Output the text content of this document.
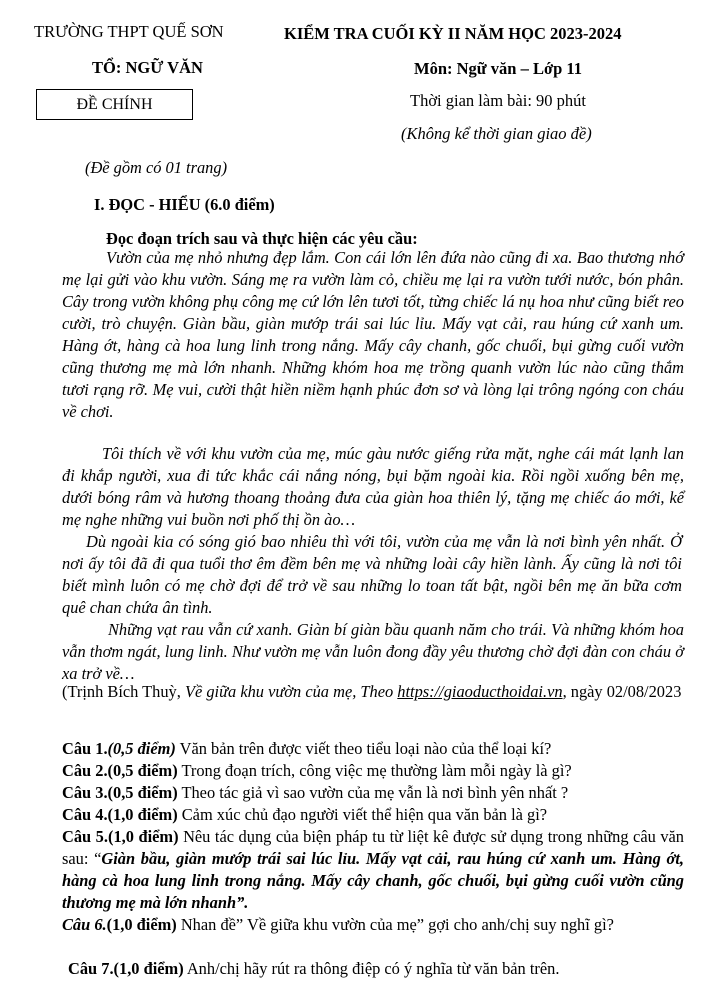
TRƯỜNG THPT QUẾ SƠN
TỔ: NGỮ VĂN
ĐỀ CHÍNH
KIỂM TRA CUỐI KỲ II NĂM HỌC 2023-2024
Môn: Ngữ văn – Lớp 11
Thời gian làm bài: 90 phút
(Không kể thời gian giao đề)
(Đề gồm có 01 trang)
I. ĐỌC - HIỂU (6.0 điểm)
Đọc đoạn trích sau và thực hiện các yêu cầu:
Vườn của mẹ nhỏ nhưng đẹp lắm. Con cái lớn lên đứa nào cũng đi xa. Bao thương nhớ mẹ lại gửi vào khu vườn. Sáng mẹ ra vườn làm cỏ, chiều mẹ lại ra vườn tưới nước, bón phân. Cây trong vườn không phụ công mẹ cứ lớn lên tươi tốt, từng chiếc lá nụ hoa như cũng biết reo cười, trò chuyện. Giàn bầu, giàn mướp trái sai lúc lỉu. Mấy vạt cải, rau húng cứ xanh um. Hàng ớt, hàng cà hoa lung linh trong nắng. Mấy cây chanh, gốc chuối, bụi gừng cuối vườn cũng thương mẹ mà lớn nhanh. Những khóm hoa mẹ trồng quanh vườn lúc nào cũng thắm tươi rạng rỡ. Mẹ vui, cười thật hiền niềm hạnh phúc đơn sơ và lòng lại trông ngóng con cháu về chơi.
Tôi thích về với khu vườn của mẹ, múc gàu nước giếng rửa mặt, nghe cái mát lạnh lan đi khắp người, xua đi tức khắc cái nắng nóng, bụi bặm ngoài kia. Rồi ngồi xuống bên mẹ, dưới bóng râm và hương thoang thoảng đưa của giàn hoa thiên lý, tặng mẹ chiếc áo mới, kể mẹ nghe những vui buồn nơi phố thị ồn ào…
Dù ngoài kia có sóng gió bao nhiêu thì với tôi, vườn của mẹ vẫn là nơi bình yên nhất. Ở nơi ấy tôi đã đi qua tuổi thơ êm đềm bên mẹ và những loài cây hiền lành. Ấy cũng là nơi tôi biết mình luôn có mẹ chờ đợi để trở về sau những lo toan tất bật, ngồi bên mẹ ăn bữa cơm quê chan chứa ân tình.
Những vạt rau vẫn cứ xanh. Giàn bí giàn bầu quanh năm cho trái. Và những khóm hoa vẫn thơm ngát, lung linh. Như vườn mẹ vẫn luôn đong đầy yêu thương chờ đợi đàn con cháu ở xa trở về…
(Trịnh Bích Thuỳ, Về giữa khu vườn của mẹ, Theo https://giaoducthoidai.vn, ngày 02/08/2023
Câu 1.(0,5 điểm) Văn bản trên được viết theo tiểu loại nào của thể loại kí?
Câu 2.(0,5 điểm) Trong đoạn trích, công việc mẹ thường làm mỗi ngày là gì?
Câu 3.(0,5 điểm) Theo tác giả vì sao vườn của mẹ vẫn là nơi bình yên nhất ?
Câu 4.(1,0 điểm) Cảm xúc chủ đạo người viết thể hiện qua văn bản là gì?
Câu 5.(1,0 điểm) Nêu tác dụng của biện pháp tu từ liệt kê được sử dụng trong những câu văn sau: “Giàn bầu, giàn mướp trái sai lúc lỉu. Mấy vạt cải, rau húng cứ xanh um. Hàng ớt, hàng cà hoa lung linh trong nắng. Mấy cây chanh, gốc chuối, bụi gừng cuối vườn cũng thương mẹ mà lớn nhanh”.
Câu 6.(1,0 điểm) Nhan đề” Về giữa khu vườn của mẹ” gợi cho anh/chị suy nghĩ gì?
Câu 7.(1,0 điểm) Anh/chị hãy rút ra thông điệp có ý nghĩa từ văn bản trên.
